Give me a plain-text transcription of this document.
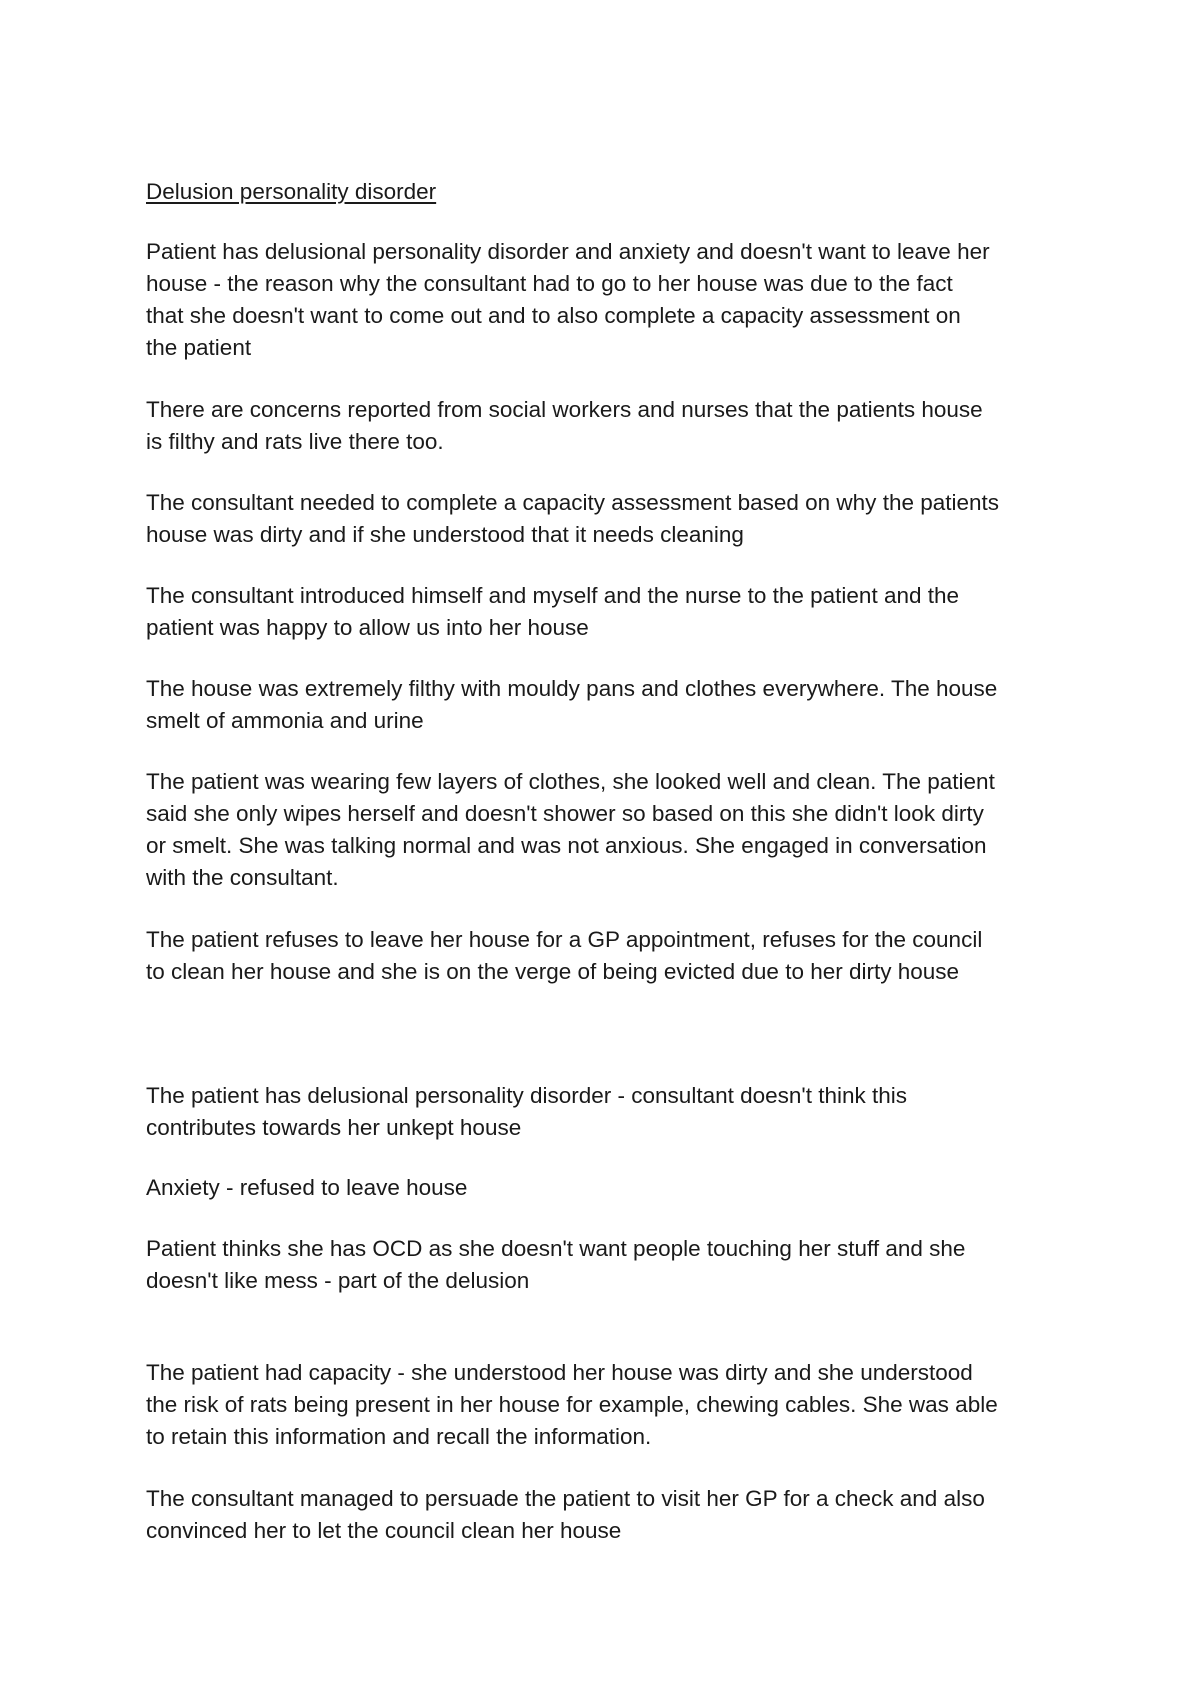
Delusion personality disorder

Patient has delusional personality disorder and anxiety and doesn't want to leave her
house - the reason why the consultant had to go to her house was due to the fact
that she doesn't want to come out and to also complete a capacity assessment on
the patient

There are concerns reported from social workers and nurses that the patients house
is filthy and rats live there too.

The consultant needed to complete a capacity assessment based on why the patients
house was dirty and if she understood that it needs cleaning

The consultant introduced himself and myself and the nurse to the patient and the
patient was happy to allow us into her house

The house was extremely filthy with mouldy pans and clothes everywhere. The house
smelt of ammonia and urine

The patient was wearing few layers of clothes, she looked well and clean. The patient
said she only wipes herself and doesn't shower so based on this she didn't look dirty
or smelt. She was talking normal and was not anxious. She engaged in conversation
with the consultant.

The patient refuses to leave her house for a GP appointment, refuses for the council
to clean her house and she is on the verge of being evicted due to her dirty house

The patient has delusional personality disorder - consultant doesn't think this
contributes towards her unkept house

Anxiety - refused to leave house

Patient thinks she has OCD as she doesn't want people touching her stuff and she
doesn't like mess - part of the delusion

The patient had capacity - she understood her house was dirty and she understood
the risk of rats being present in her house for example, chewing cables. She was able
to retain this information and recall the information.

The consultant managed to persuade the patient to visit her GP for a check and also
convinced her to let the council clean her house
